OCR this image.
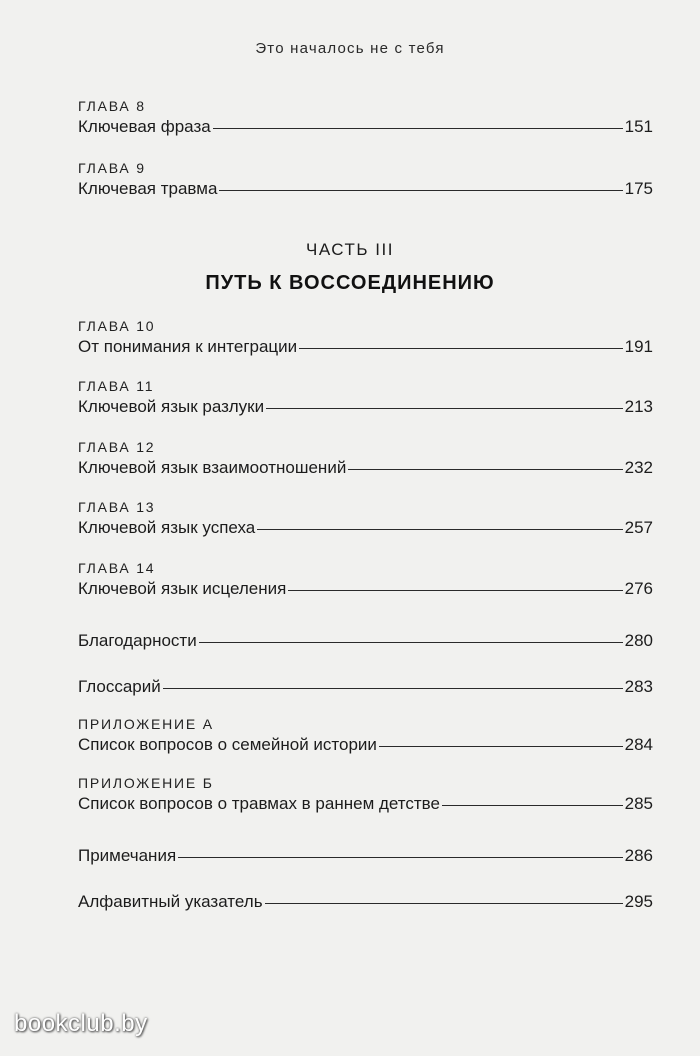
Это началось не с тебя
ГЛАВА 8
Ключевая фраза	151
ГЛАВА 9
Ключевая травма	175
ЧАСТЬ III
ПУТЬ К ВОССОЕДИНЕНИЮ
ГЛАВА 10
От понимания к интеграции	191
ГЛАВА 11
Ключевой язык разлуки	213
ГЛАВА 12
Ключевой язык взаимоотношений	232
ГЛАВА 13
Ключевой язык успеха	257
ГЛАВА 14
Ключевой язык исцеления	276
Благодарности	280
Глоссарий	283
ПРИЛОЖЕНИЕ А
Список вопросов о семейной истории	284
ПРИЛОЖЕНИЕ Б
Список вопросов о травмах в раннем детстве	285
Примечания	286
Алфавитный указатель	295
bookclub.by
